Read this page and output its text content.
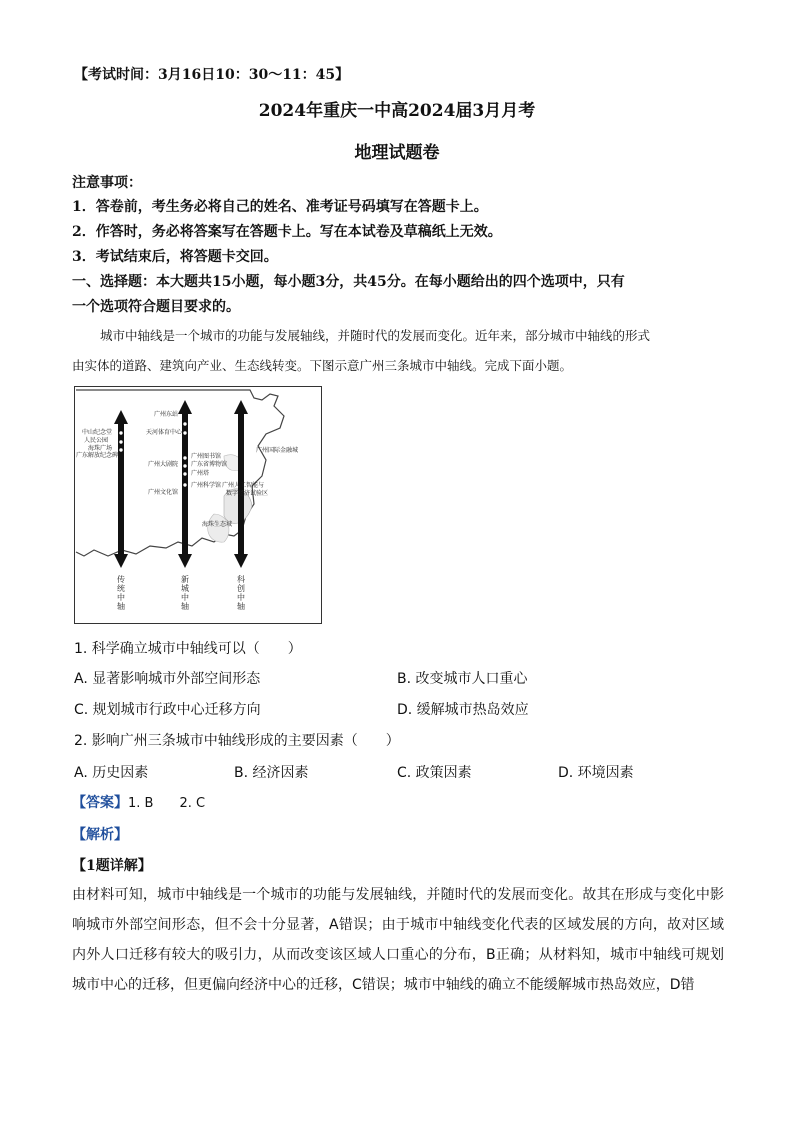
【考试时间：3月16日10：30～11：45】
2024年重庆一中高2024届3月月考
地理试题卷
注意事项：
1．答卷前，考生务必将自己的姓名、准考证号码填写在答题卡上。
2．作答时，务必将答案写在答题卡上。写在本试卷及草稿纸上无效。
3．考试结束后，将答题卡交回。
一、选择题：本大题共15小题，每小题3分，共45分。在每小题给出的四个选项中，只有
一个选项符合题目要求的。
城市中轴线是一个城市的功能与发展轴线，并随时代的发展而变化。近年来，部分城市中轴线的形式
由实体的道路、建筑向产业、生态线转变。下图示意广州三条城市中轴线。完成下面小题。
广州东站
天河体育中心
广州大剧院
广州图书馆
广东省博物馆
广州塔
广州文化馆
广州科学馆
海珠生态城
中山纪念堂
人民公园
海珠广场
广东解放纪念碑
广州国际金融城
广州人工智能与
数字经济试验区
传
统
中
轴
新
城
中
轴
科
创
中
轴
1. 科学确立城市中轴线可以（　　）
A. 显著影响城市外部空间形态	B. 改变城市人口重心
C. 规划城市行政中心迁移方向	D. 缓解城市热岛效应
2. 影响广州三条城市中轴线形成的主要因素（　　）
A. 历史因素	B. 经济因素	C. 政策因素	D. 环境因素
【答案】1. B　　2. C
【解析】
【1题详解】
由材料可知，城市中轴线是一个城市的功能与发展轴线，并随时代的发展而变化。故其在形成与变化中影响城市外部空间形态，但不会十分显著，A错误；由于城市中轴线变化代表的区域发展的方向，故对区域内外人口迁移有较大的吸引力，从而改变该区域人口重心的分布，B正确；从材料知，城市中轴线可规划城市中心的迁移，但更偏向经济中心的迁移，C错误；城市中轴线的确立不能缓解城市热岛效应，D错
